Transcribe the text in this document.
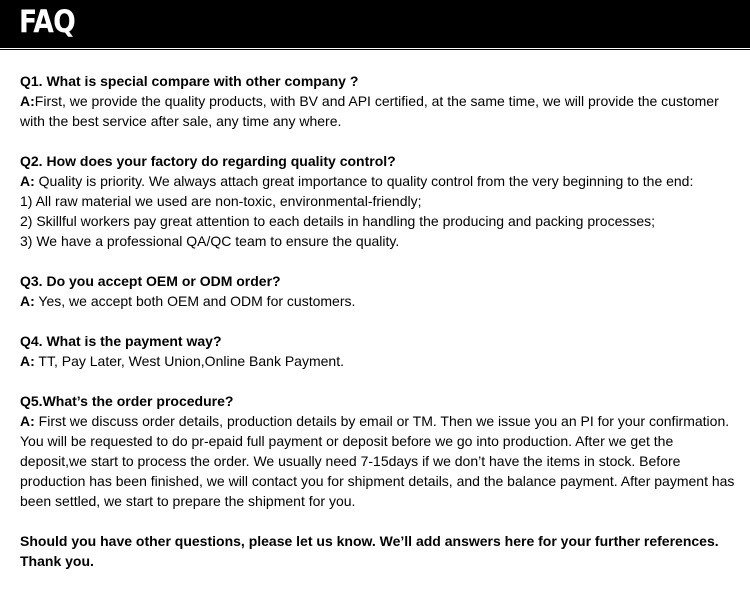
FAQ
Q1. What is special compare with other company ?
A:First, we provide the quality products, with BV and API certified, at the same time, we will provide the customer with the best service after sale, any time any where.
Q2. How does your factory do regarding quality control?
A: Quality is priority. We always attach great importance to quality control from the very beginning to the end:
1) All raw material we used are non-toxic, environmental-friendly;
2) Skillful workers pay great attention to each details in handling the producing and packing processes;
3) We have a professional QA/QC team to ensure the quality.
Q3. Do you accept OEM or ODM order?
A: Yes, we accept both OEM and ODM for customers.
Q4. What is the payment way?
A: TT, Pay Later, West Union,Online Bank Payment.
Q5.What’s the order procedure?
A: First we discuss order details, production details by email or TM. Then we issue you an PI for your confirmation. You will be requested to do pr-epaid full payment or deposit before we go into production. After we get the deposit,we start to process the order. We usually need 7-15days if we don’t have the items in stock. Before production has been finished, we will contact you for shipment details, and the balance payment. After payment has been settled, we start to prepare the shipment for you.
Should you have other questions, please let us know. We’ll add answers here for your further references.
Thank you.
